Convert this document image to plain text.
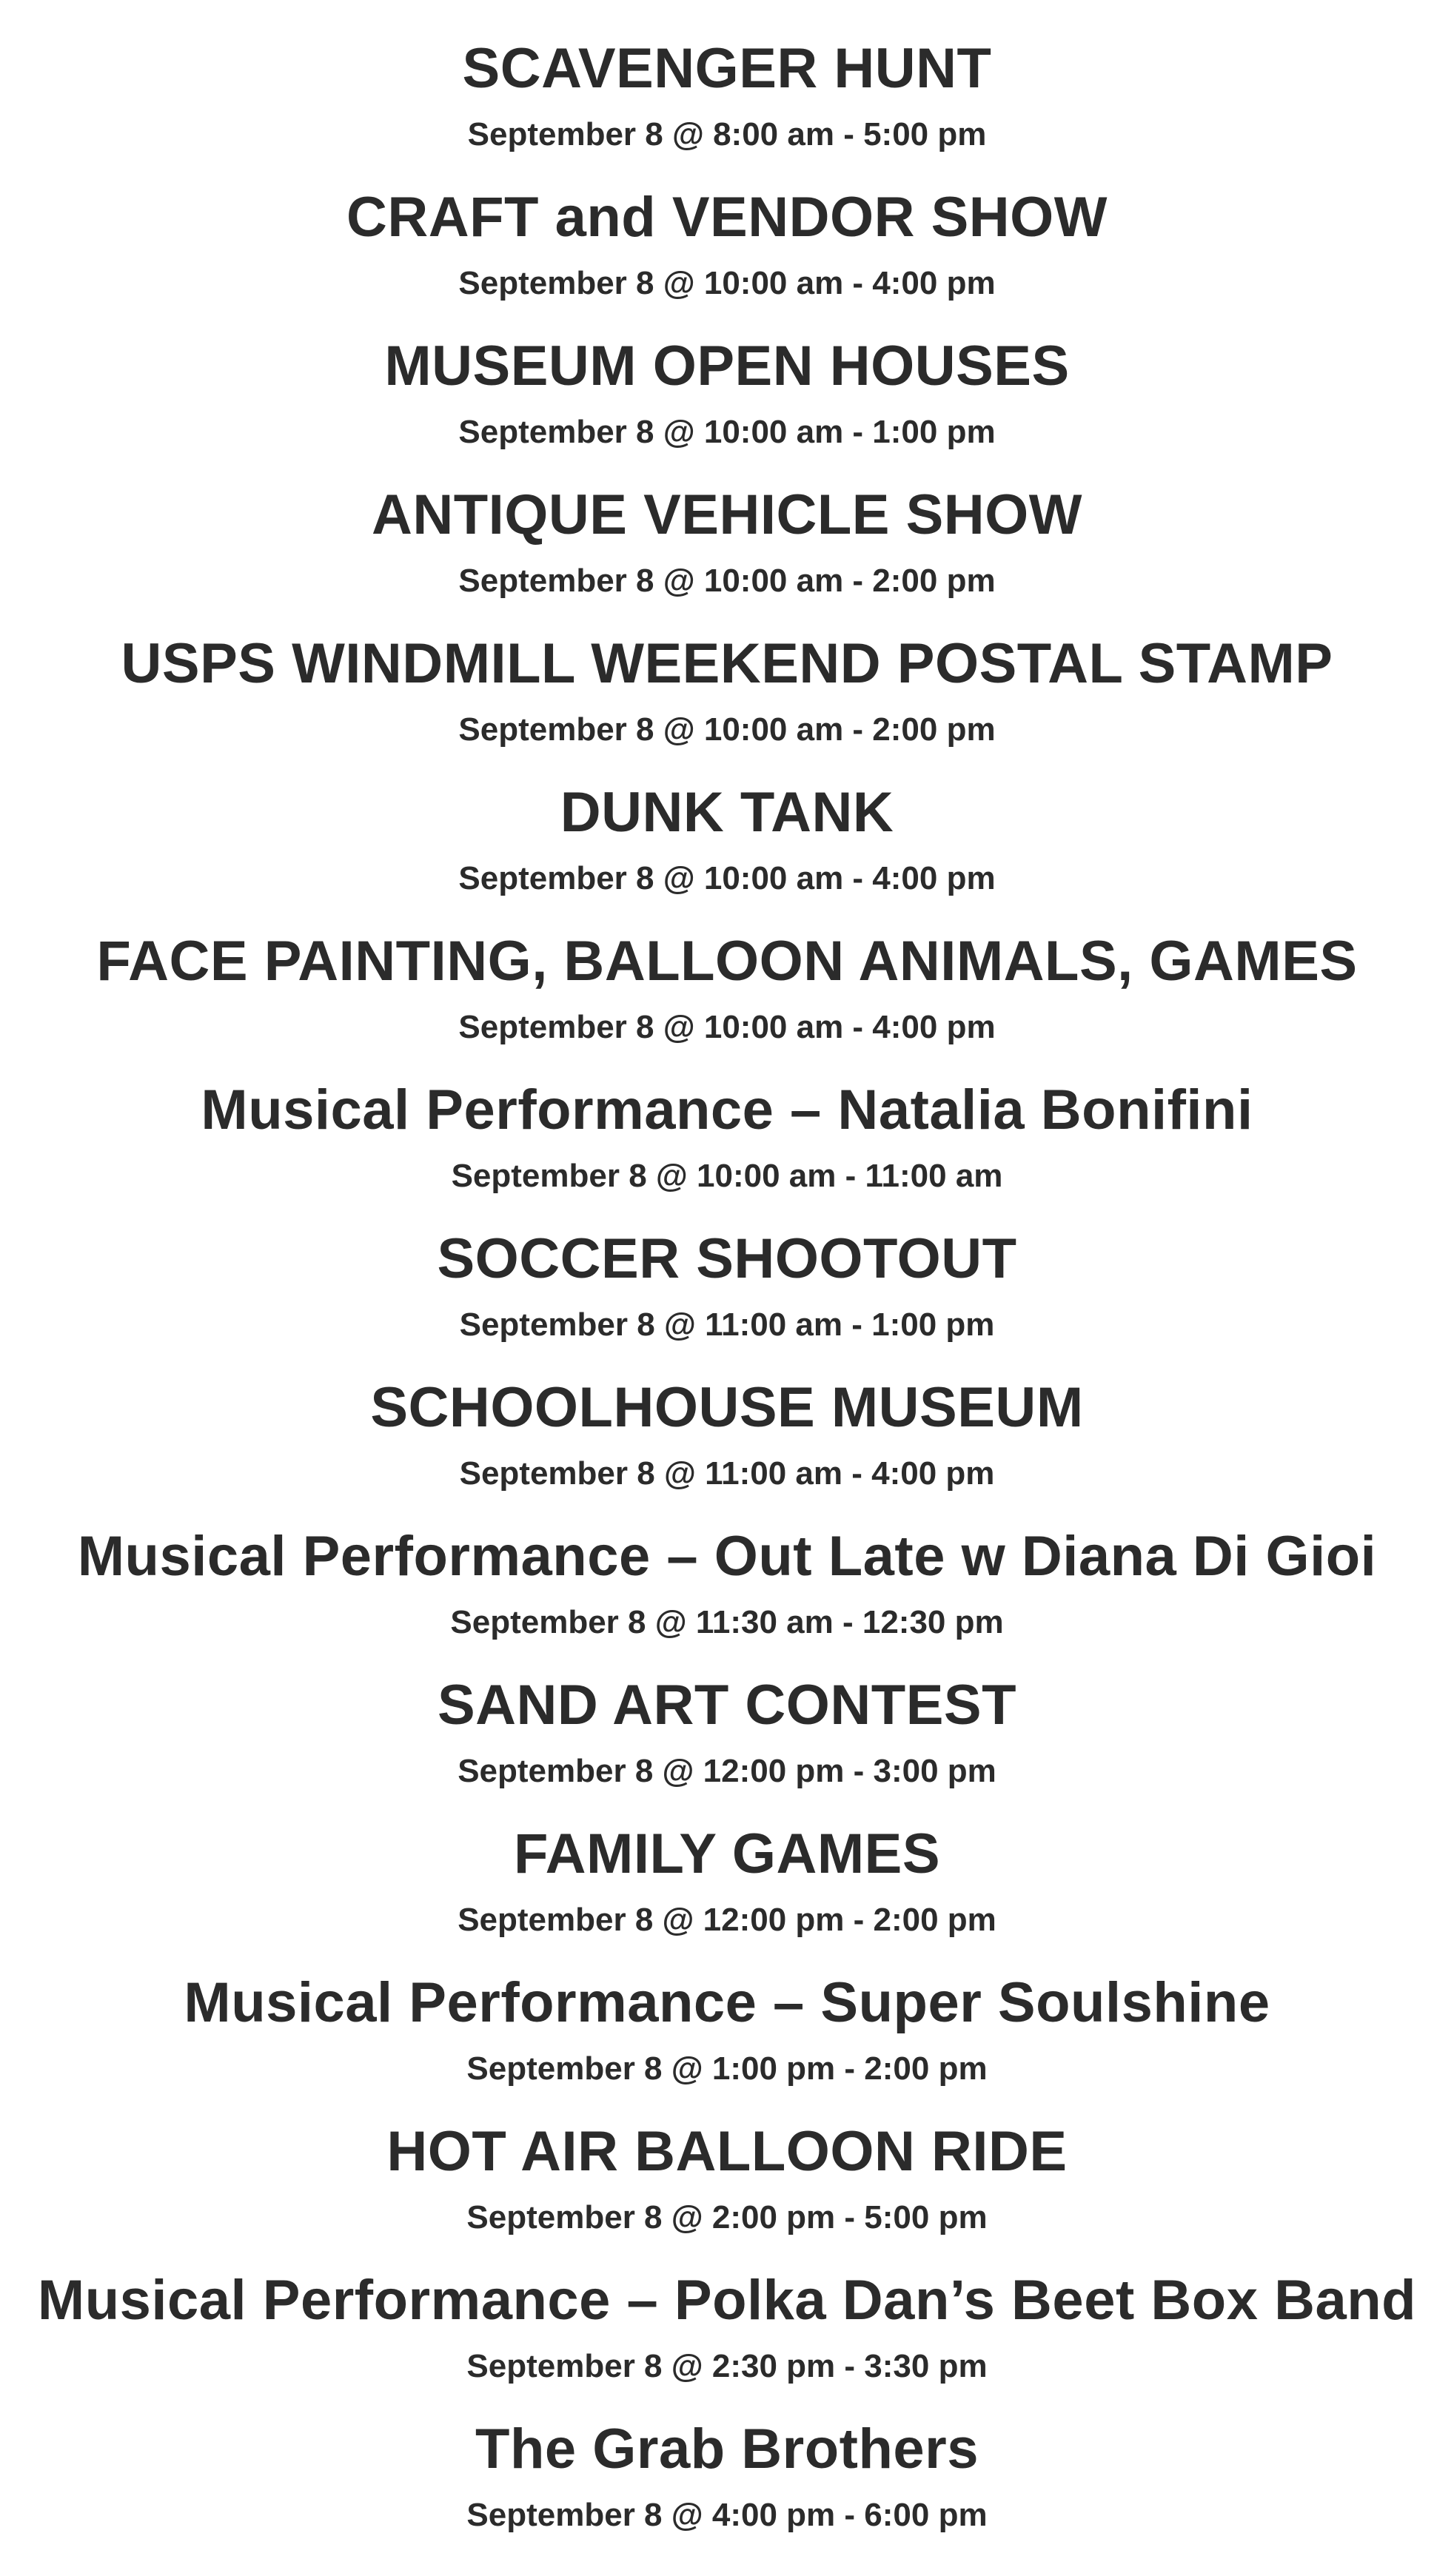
SCAVENGER HUNT
September 8 @ 8:00 am - 5:00 pm
CRAFT and VENDOR SHOW
September 8 @ 10:00 am - 4:00 pm
MUSEUM OPEN HOUSES
September 8 @ 10:00 am - 1:00 pm
ANTIQUE VEHICLE SHOW
September 8 @ 10:00 am - 2:00 pm
USPS WINDMILL WEEKEND POSTAL STAMP
September 8 @ 10:00 am - 2:00 pm
DUNK TANK
September 8 @ 10:00 am - 4:00 pm
FACE PAINTING, BALLOON ANIMALS, GAMES
September 8 @ 10:00 am - 4:00 pm
Musical Performance – Natalia Bonifini
September 8 @ 10:00 am - 11:00 am
SOCCER SHOOTOUT
September 8 @ 11:00 am - 1:00 pm
SCHOOLHOUSE MUSEUM
September 8 @ 11:00 am - 4:00 pm
Musical Performance – Out Late w Diana Di Gioi
September 8 @ 11:30 am - 12:30 pm
SAND ART CONTEST
September 8 @ 12:00 pm - 3:00 pm
FAMILY GAMES
September 8 @ 12:00 pm - 2:00 pm
Musical Performance – Super Soulshine
September 8 @ 1:00 pm - 2:00 pm
HOT AIR BALLOON RIDE
September 8 @ 2:00 pm - 5:00 pm
Musical Performance – Polka Dan’s Beet Box Band
September 8 @ 2:30 pm - 3:30 pm
The Grab Brothers
September 8 @ 4:00 pm - 6:00 pm
